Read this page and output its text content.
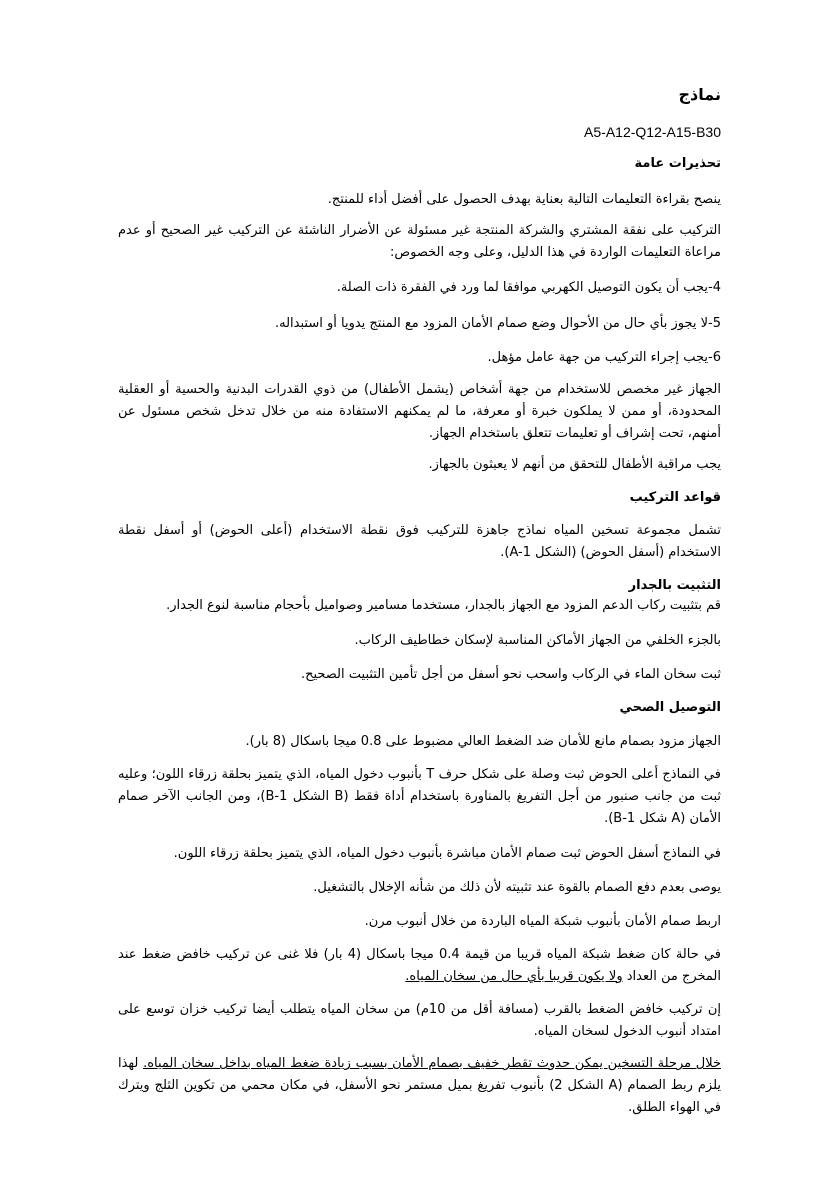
نماذج
A5-A12-Q12-A15-B30
تحذيرات عامة
ينصح بقراءة التعليمات التالية بعناية بهدف الحصول على أفضل أداء للمنتج.
التركيب على نفقة المشتري والشركة المنتجة غير مسئولة عن الأضرار الناشئة عن التركيب غير الصحيح أو عدم مراعاة التعليمات الواردة في هذا الدليل، وعلى وجه الخصوص:
4-يجب أن يكون التوصيل الكهربي موافقا لما ورد في الفقرة ذات الصلة.
5-لا يجوز بأي حال من الأحوال وضع صمام الأمان المزود مع المنتج يدويا أو استبداله.
6-يجب إجراء التركيب من جهة عامل مؤهل.
الجهاز غير مخصص للاستخدام من جهة أشخاص (يشمل الأطفال) من ذوي القدرات البدنية والحسية أو العقلية المحدودة، أو ممن لا يملكون خبرة أو معرفة، ما لم يمكنهم الاستفادة منه من خلال تدخل شخص مسئول عن أمنهم، تحت إشراف أو تعليمات تتعلق باستخدام الجهاز.
يجب مراقبة الأطفال للتحقق من أنهم لا يعبثون بالجهاز.
قواعد التركيب
تشمل مجموعة تسخين المياه نماذج جاهزة للتركيب فوق نقطة الاستخدام (أعلى الحوض) أو أسفل نقطة الاستخدام (أسفل الحوض) (الشكل A-1).
التثبيت بالجدار
قم بتثبيت ركاب الدعم المزود مع الجهاز بالجدار، مستخدما مسامير وصواميل بأحجام مناسبة لنوع الجدار.
بالجزء الخلفي من الجهاز الأماكن المناسبة لإسكان خطاطيف الركاب.
ثبت سخان الماء في الركاب واسحب نحو أسفل من أجل تأمين التثبيت الصحيح.
التوصيل الصحي
الجهاز مزود بصمام مانع للأمان ضد الضغط العالي مضبوط على 0.8 ميجا باسكال (8 بار).
في النماذج أعلى الحوض ثبت وصلة على شكل حرف T بأنبوب دخول المياه، الذي يتميز بحلقة زرقاء اللون؛ وعليه ثبت من جانب صنبور من أجل التفريغ بالمناورة باستخدام أداة فقط (B الشكل 1-B)، ومن الجانب الآخر صمام الأمان (A شكل 1-B).
في النماذج أسفل الحوض ثبت صمام الأمان مباشرة بأنبوب دخول المياه، الذي يتميز بحلقة زرقاء اللون.
يوصى بعدم دفع الصمام بالقوة عند تثبيته لأن ذلك من شأنه الإخلال بالتشغيل.
اربط صمام الأمان بأنبوب شبكة المياه الباردة من خلال أنبوب مرن.
في حالة كان ضغط شبكة المياه قريبا من قيمة 0.4 ميجا باسكال (4 بار) فلا غنى عن تركيب خافض ضغط عند المخرج من العداد ولا يكون قريبا بأي حال من سخان المياه.
إن تركيب خافض الضغط بالقرب (مسافة أقل من 10م) من سخان المياه يتطلب أيضا تركيب خزان توسع على امتداد أنبوب الدخول لسخان المياه.
خلال مرحلة التسخين يمكن حدوث تقطر خفيف بصمام الأمان بسبب زيادة ضغط المياه بداخل سخان المياه. لهذا يلزم ربط الصمام (A الشكل 2) بأنبوب تفريغ بميل مستمر نحو الأسفل، في مكان محمي من تكوين الثلج ويترك في الهواء الطلق.
